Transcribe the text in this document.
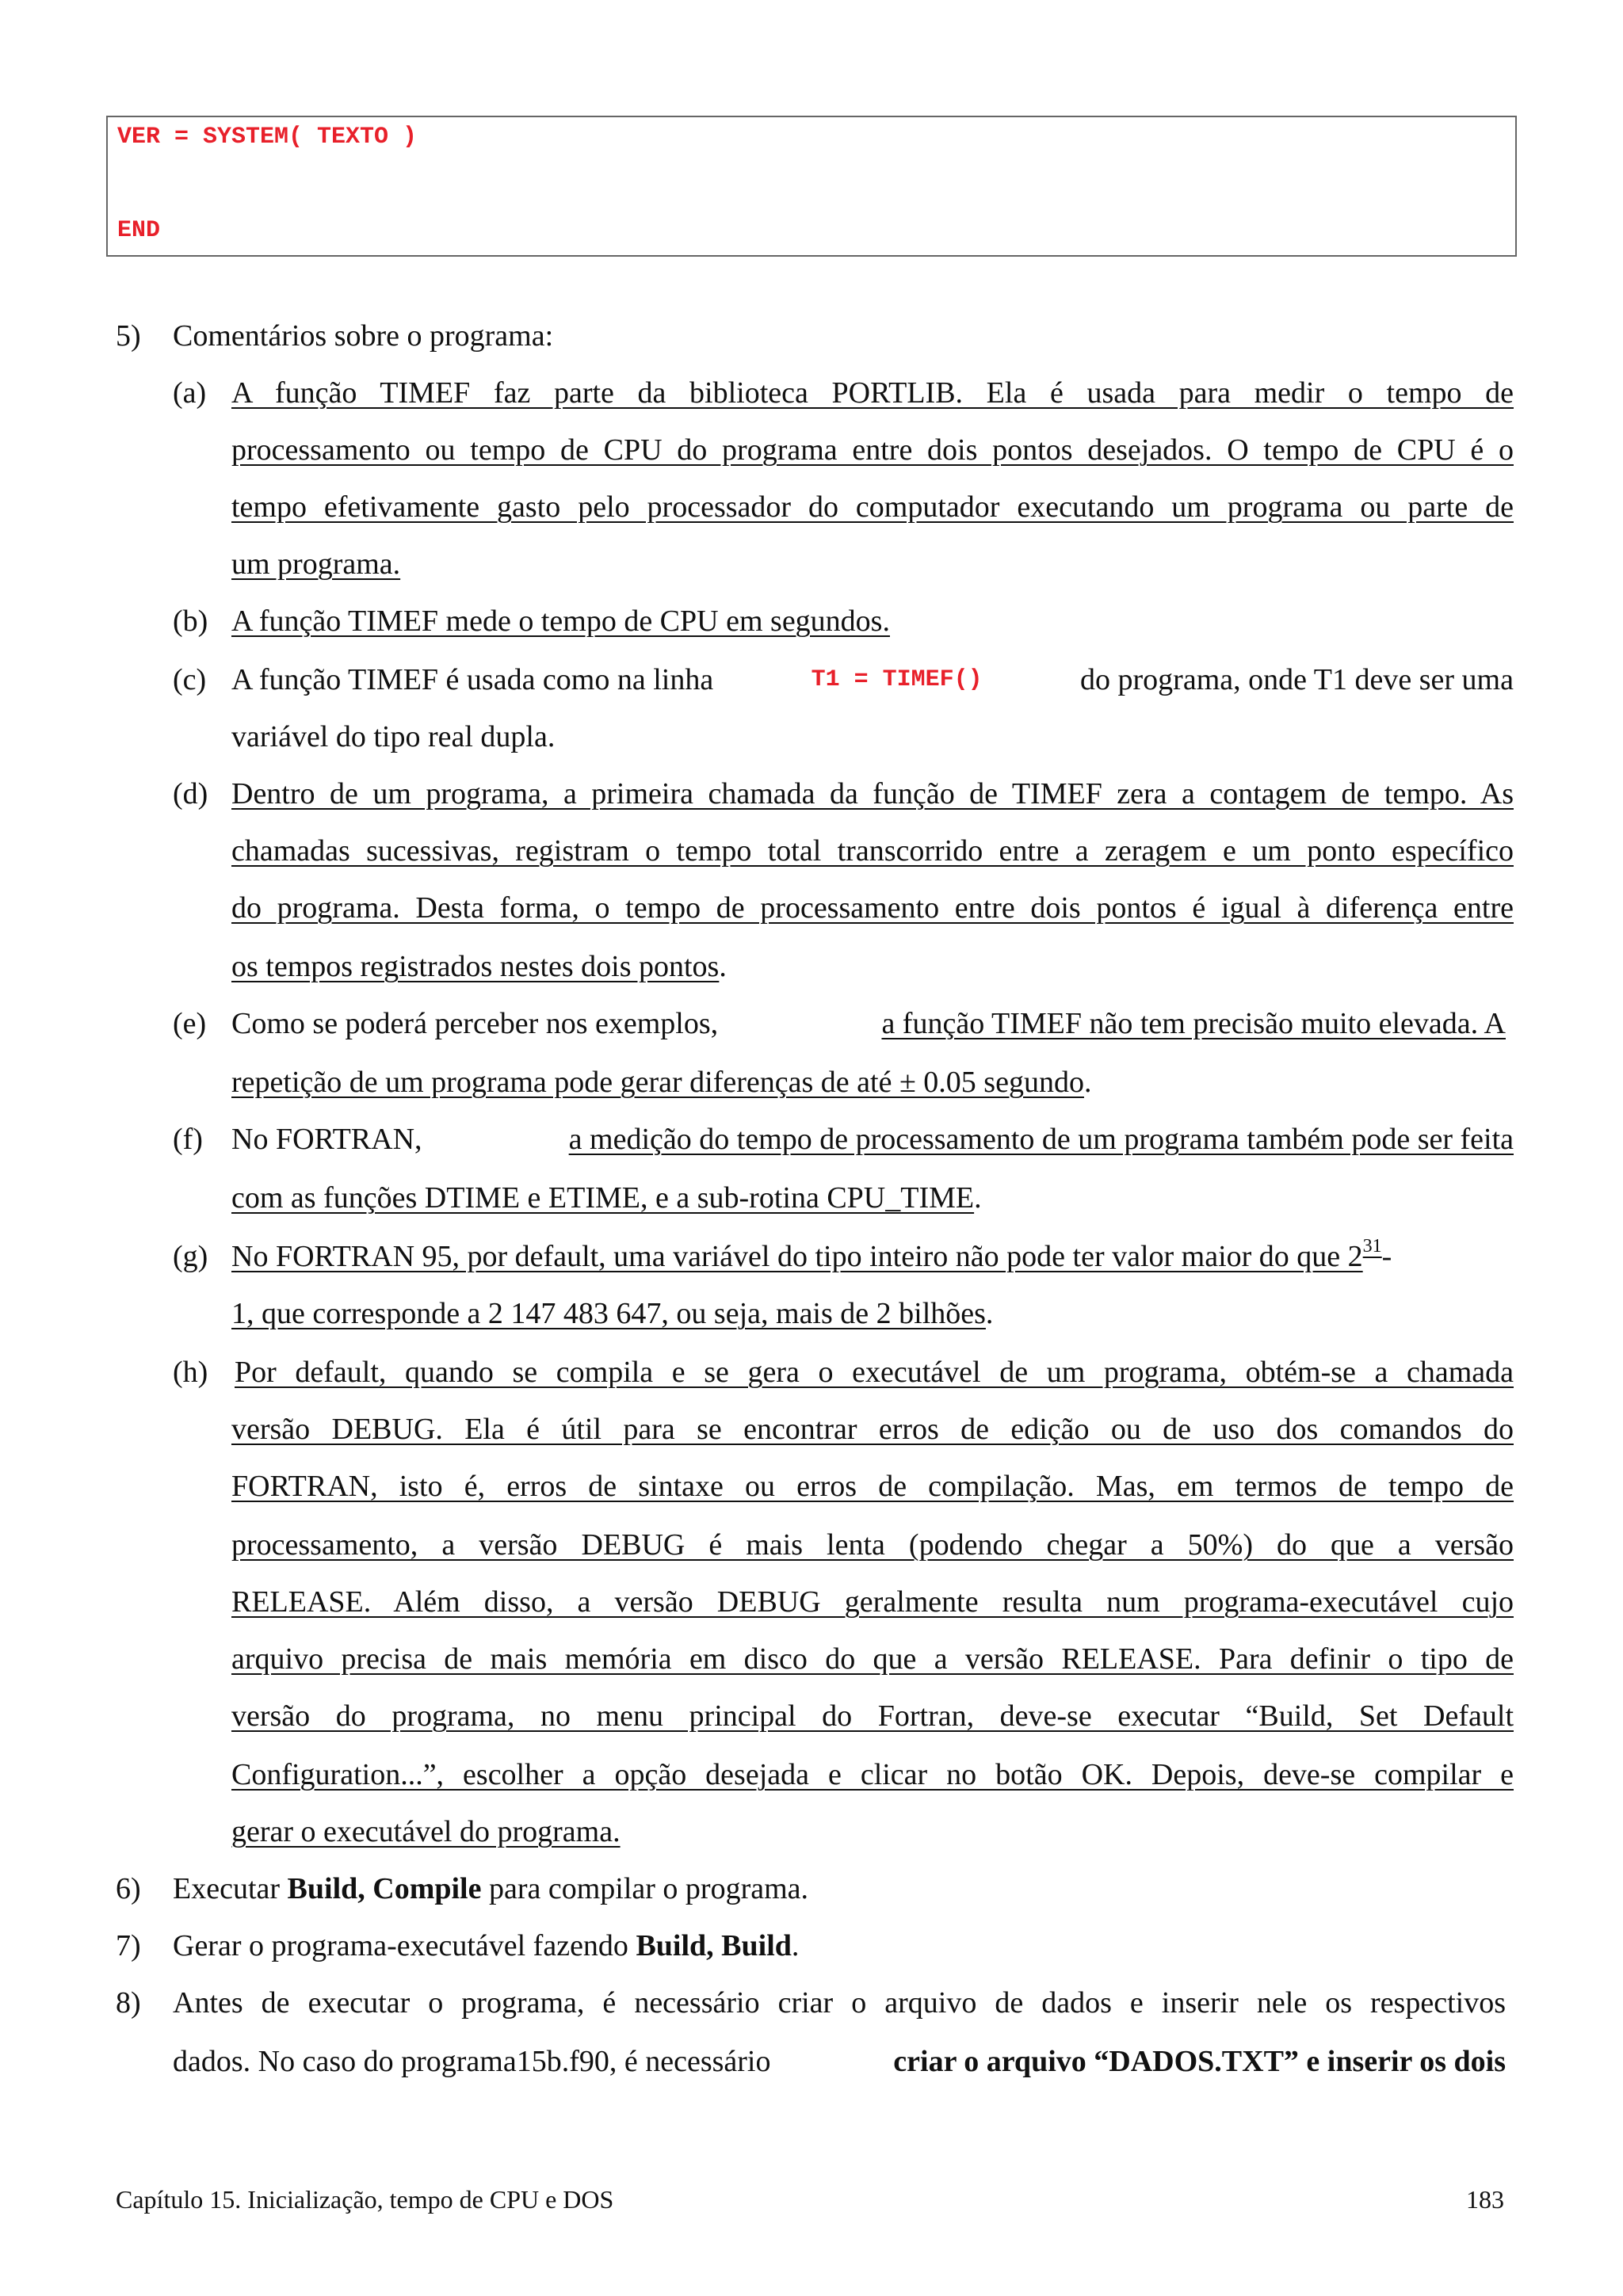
VER = SYSTEM( TEXTO )
END
5) Comentários sobre o programa:
(a) A função TIMEF faz parte da biblioteca PORTLIB. Ela é usada para medir o tempo de
processamento ou tempo de CPU do programa entre dois pontos desejados. O tempo de CPU é o
tempo efetivamente gasto pelo processador do computador executando um programa ou parte de
um programa.
(b) A função TIMEF mede o tempo de CPU em segundos.
(c) A função TIMEF é usada como na linha	T1 = TIMEF()	do programa, onde T1 deve ser uma
variável do tipo real dupla.
(d) Dentro de um programa, a primeira chamada da função de TIMEF zera a contagem de tempo. As
chamadas sucessivas, registram o tempo total transcorrido entre a zeragem e um ponto específico
do programa. Desta forma, o tempo de processamento entre dois pontos é igual à diferença entre
os tempos registrados nestes dois pontos.
(e) Como se poderá perceber nos exemplos,	a função TIMEF não tem precisão muito elevada. A
repetição de um programa pode gerar diferenças de até ± 0.05 segundo.
(f) No FORTRAN,	a medição do tempo de processamento de um programa também pode ser feita
com as funções DTIME e ETIME, e a sub-rotina CPU_TIME.
(g) No FORTRAN 95, por default, uma variável do tipo inteiro não pode ter valor maior do que $2^{31}-$
1, que corresponde a 2 147 483 647, ou seja, mais de 2 bilhões.
(h) Por default, quando se compila e se gera o executável de um programa, obtém-se a chamada
versão DEBUG. Ela é útil para se encontrar erros de edição ou de uso dos comandos do
FORTRAN, isto é, erros de sintaxe ou erros de compilação. Mas, em termos de tempo de
processamento, a versão DEBUG é mais lenta (podendo chegar a 50%) do que a versão
RELEASE. Além disso, a versão DEBUG geralmente resulta num programa-executável cujo
arquivo precisa de mais memória em disco do que a versão RELEASE. Para definir o tipo de
versão do programa, no menu principal do Fortran, deve-se executar “Build, Set Default
Configuration...”, escolher a opção desejada e clicar no botão OK. Depois, deve-se compilar e
gerar o executável do programa.
6) Executar Build, Compile para compilar o programa.
7) Gerar o programa-executável fazendo Build, Build.
8) Antes de executar o programa, é necessário criar o arquivo de dados e inserir nele os respectivos
dados. No caso do programa15b.f90, é necessário	criar o arquivo “DADOS.TXT” e inserir os dois
Capítulo 15. Inicialização, tempo de CPU e DOS	183
